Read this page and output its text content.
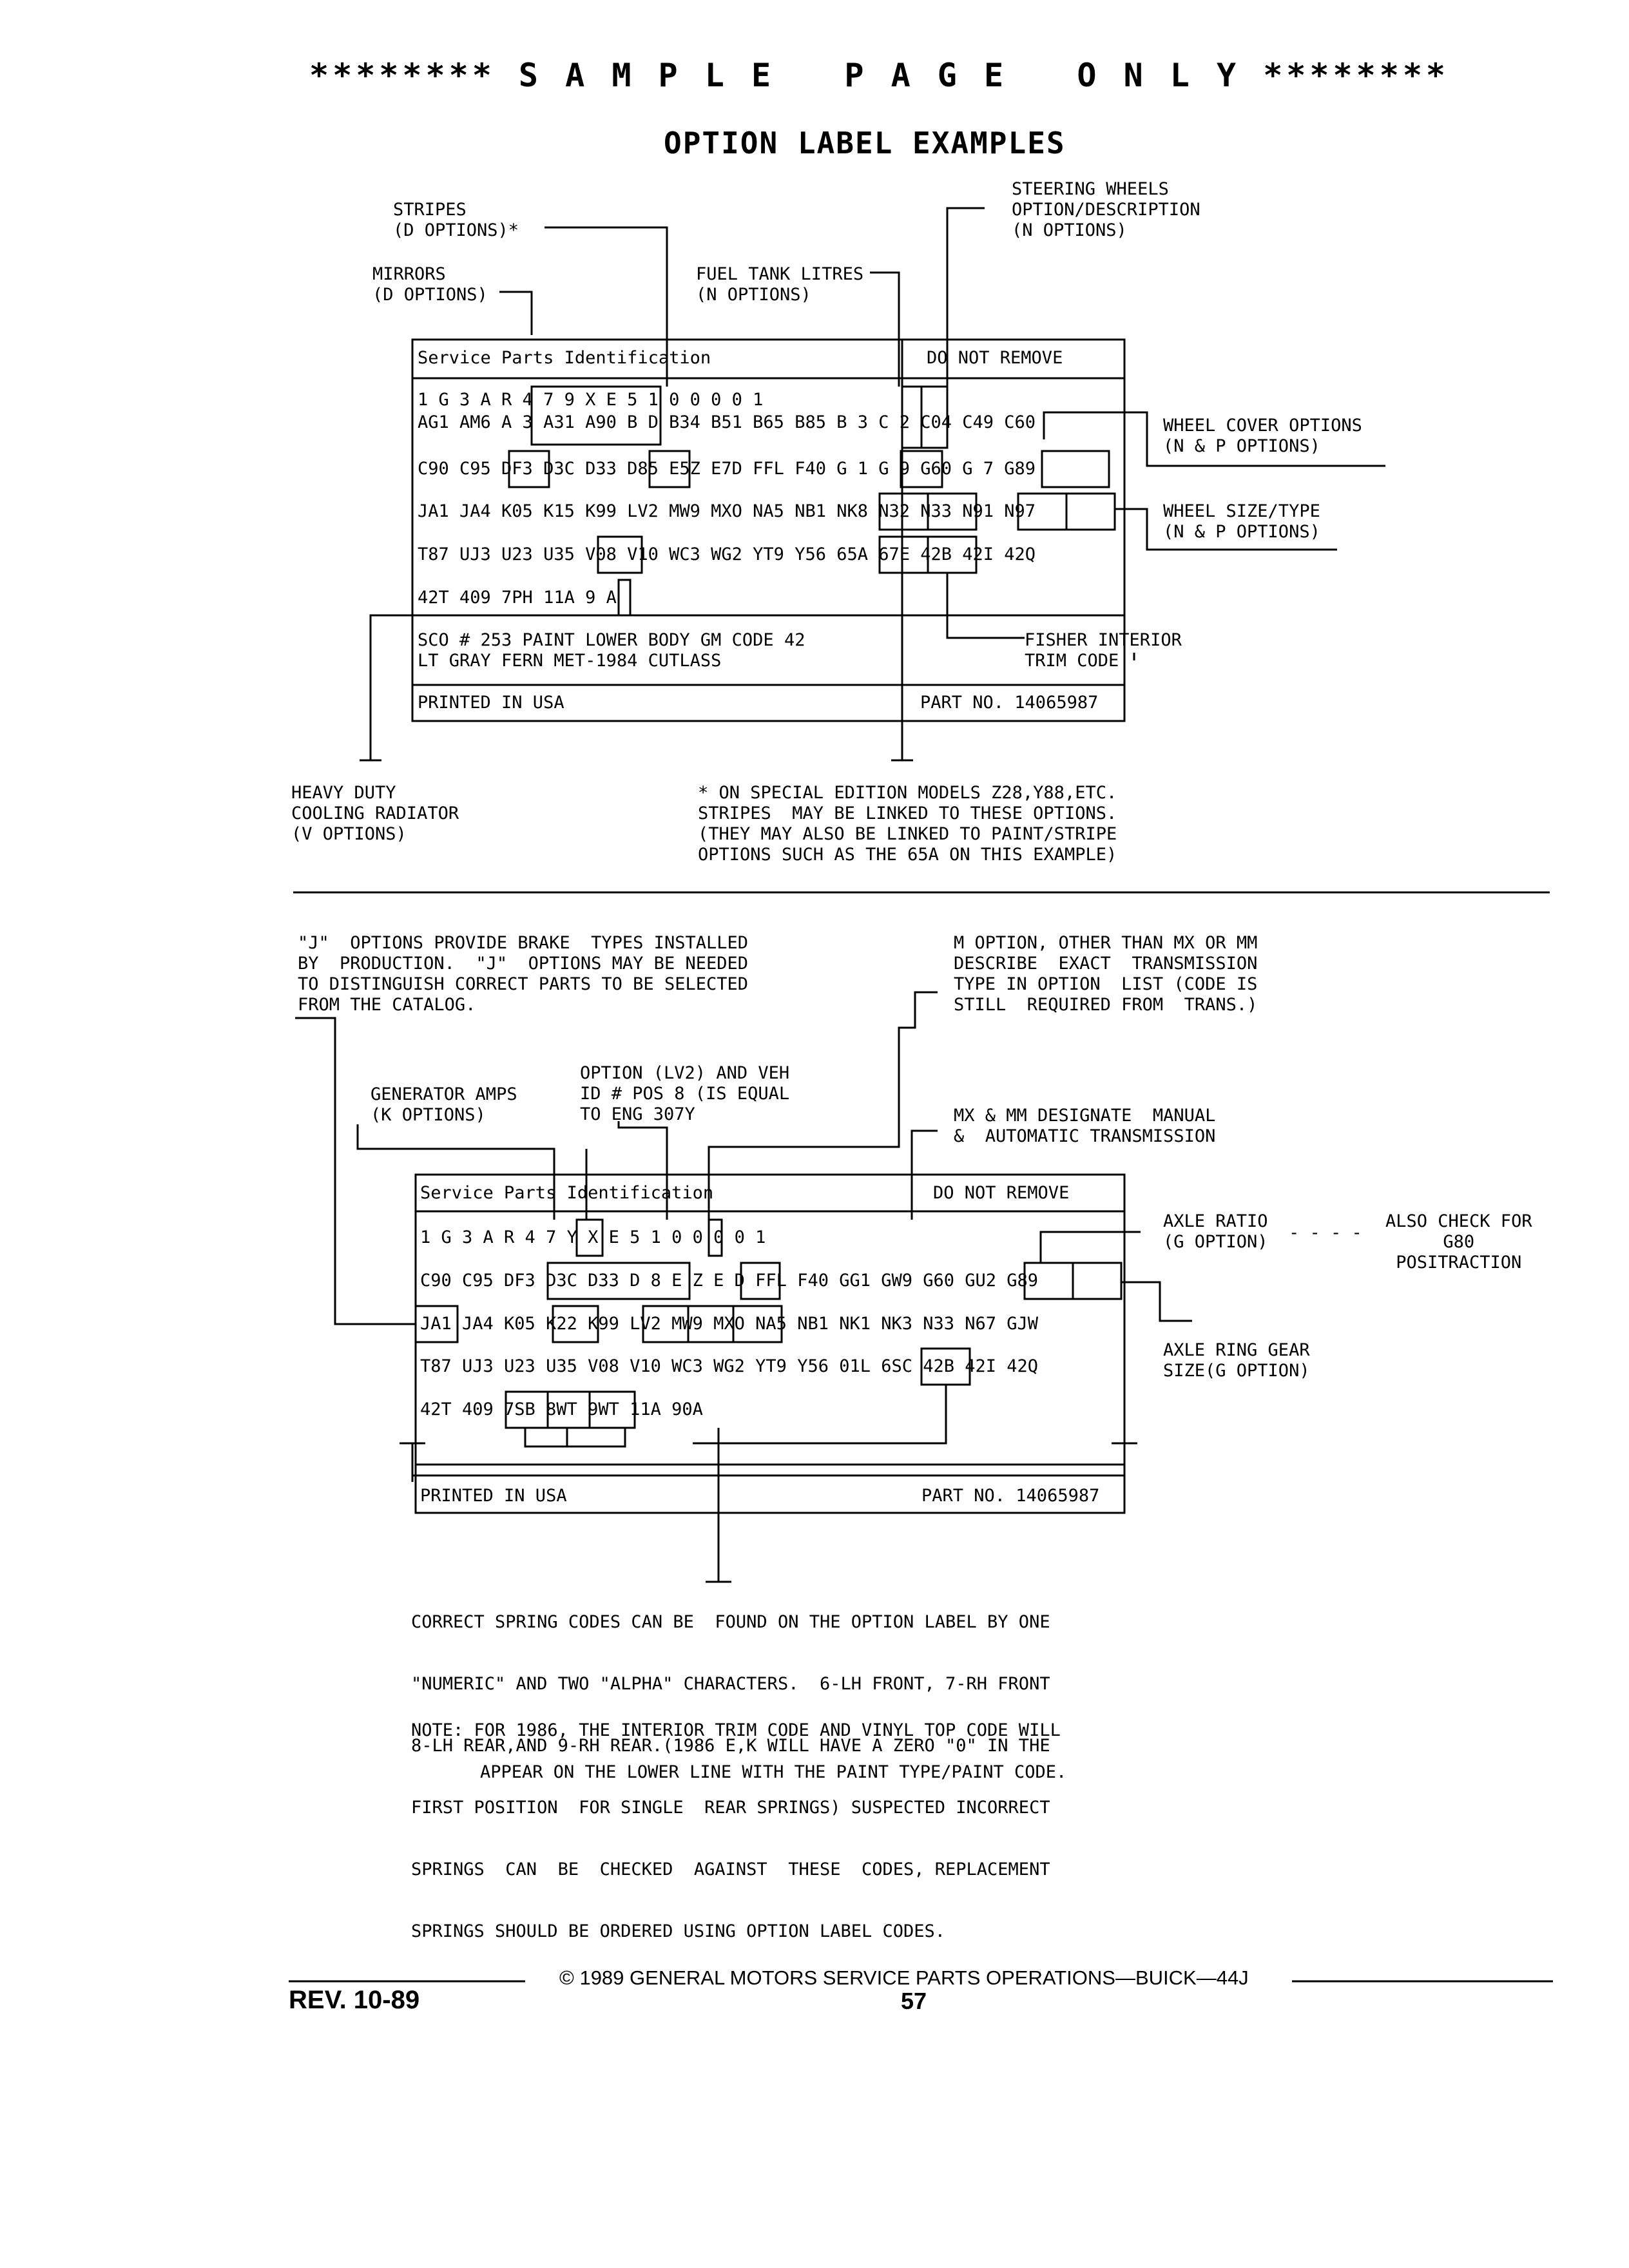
******** S A M P L E   P A G E   O N L Y ********
OPTION LABEL EXAMPLES
STRIPES
(D OPTIONS)*
MIRRORS
(D OPTIONS)
FUEL TANK LITRES
(N OPTIONS)
STEERING WHEELS
OPTION/DESCRIPTION
(N OPTIONS)
WHEEL COVER OPTIONS
(N & P OPTIONS)
WHEEL SIZE/TYPE
(N & P OPTIONS)
FISHER INTERIOR
TRIM CODE
HEAVY DUTY
COOLING RADIATOR
(V OPTIONS)
* ON SPECIAL EDITION MODELS Z28,Y88,ETC.
STRIPES  MAY BE LINKED TO THESE OPTIONS.
(THEY MAY ALSO BE LINKED TO PAINT/STRIPE
OPTIONS SUCH AS THE 65A ON THIS EXAMPLE)
Service Parts Identification	DO NOT REMOVE
1 G 3 A R 4 7 9 X E 5 1 0 0 0 0 1
AG1 AM6 A 3 A31 A90 B D B34 B51 B65 B85 B 3 C 2 C04 C49 C60
C90 C95 DF3 D3C D33 D85 E5Z E7D FFL F40 G 1 G 9 G60 G 7 G89
JA1 JA4 K05 K15 K99 LV2 MW9 MXO NA5 NB1 NK8 N32 N33 N91 N97
T87 UJ3 U23 U35 V08 V10 WC3 WG2 YT9 Y56 65A 67E 42B 42I 42Q
42T 409 7PH 11A 9 A
SCO # 253 PAINT LOWER BODY GM CODE 42
LT GRAY FERN MET-1984 CUTLASS
PRINTED IN USA	PART NO. 14065987
"J"  OPTIONS PROVIDE BRAKE  TYPES INSTALLED
BY  PRODUCTION.  "J"  OPTIONS MAY BE NEEDED
TO DISTINGUISH CORRECT PARTS TO BE SELECTED
FROM THE CATALOG.
M OPTION, OTHER THAN MX OR MM
DESCRIBE  EXACT  TRANSMISSION
TYPE IN OPTION  LIST (CODE IS
STILL  REQUIRED FROM  TRANS.)
GENERATOR AMPS
(K OPTIONS)
OPTION (LV2) AND VEH
ID # POS 8 (IS EQUAL
TO ENG 307Y	MX & MM DESIGNATE  MANUAL
&  AUTOMATIC TRANSMISSION
AXLE RATIO
(G OPTION) - - - -
ALSO CHECK FOR
G80
POSITRACTION
AXLE RING GEAR
SIZE(G OPTION)
Service Parts Identification	DO NOT REMOVE
1 G 3 A R 4 7 Y X E 5 1 0 0 0 0 1
C90 C95 DF3 D3C D33 D 8 E Z E D FFL F40 GG1 GW9 G60 GU2 G89
JA1 JA4 K05 K22 K99 LV2 MW9 MXO NA5 NB1 NK1 NK3 N33 N67 GJW
T87 UJ3 U23 U35 V08 V10 WC3 WG2 YT9 Y56 01L 6SC 42B 42I 42Q
42T 409 7SB 8WT 9WT 11A 90A
PRINTED IN USA	PART NO. 14065987

CORRECT SPRING CODES CAN BE  FOUND ON THE OPTION LABEL BY ONE

"NUMERIC" AND TWO "ALPHA" CHARACTERS.  6-LH FRONT, 7-RH FRONT

8-LH REAR,AND 9-RH REAR.(1986 E,K WILL HAVE A ZERO "0" IN THE

FIRST POSITION  FOR SINGLE  REAR SPRINGS) SUSPECTED INCORRECT

SPRINGS  CAN  BE  CHECKED  AGAINST  THESE  CODES, REPLACEMENT

SPRINGS SHOULD BE ORDERED USING OPTION LABEL CODES.

NOTE: FOR 1986, THE INTERIOR TRIM CODE AND VINYL TOP CODE WILL
APPEAR ON THE LOWER LINE WITH THE PAINT TYPE/PAINT CODE.
© 1989 GENERAL MOTORS SERVICE PARTS OPERATIONS—BUICK—44J
REV. 10-89	57
